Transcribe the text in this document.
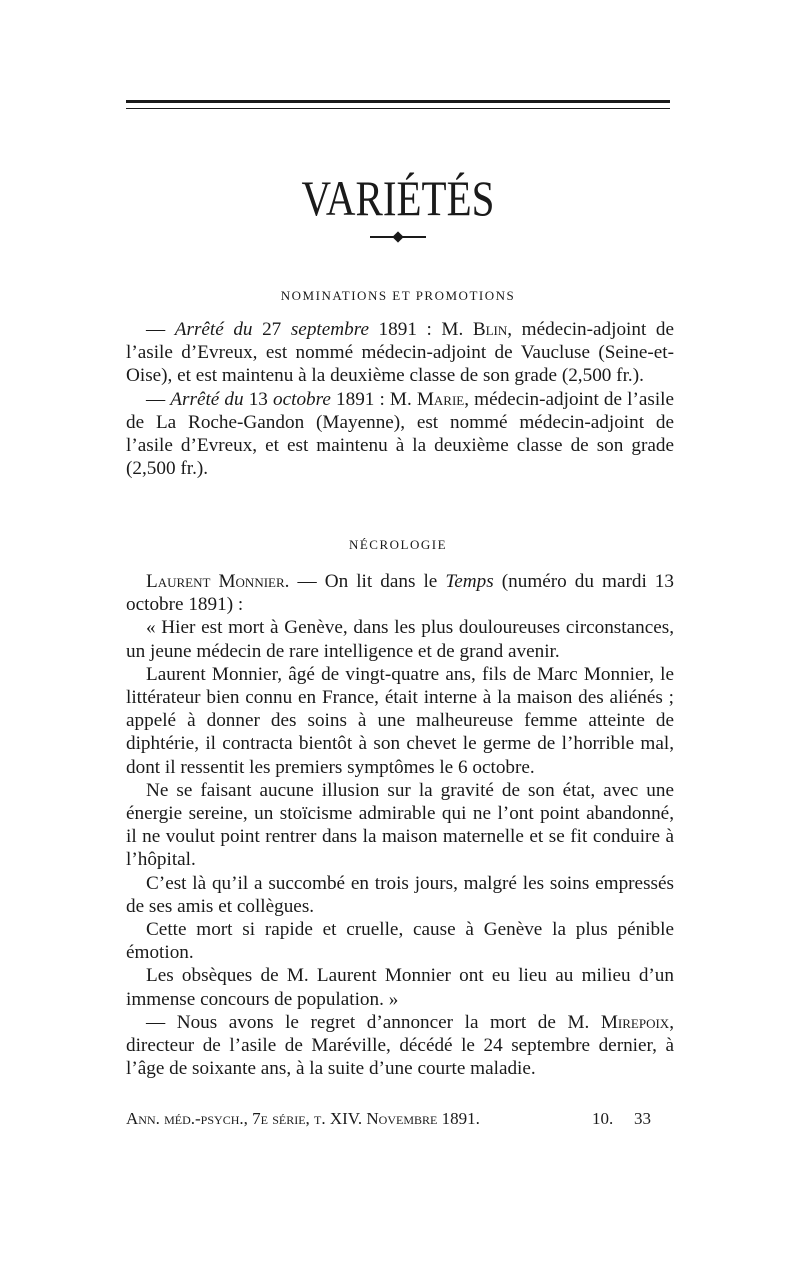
VARIÉTÉS
NOMINATIONS ET PROMOTIONS

— Arrêté du 27 septembre 1891 : M. Blin, médecin-adjoint de l’asile d’Evreux, est nommé médecin-adjoint de Vaucluse (Seine-et-Oise), et est maintenu à la deuxième classe de son grade (2,500 fr.).

— Arrêté du 13 octobre 1891 : M. Marie, médecin-adjoint de l’asile de La Roche-Gandon (Mayenne), est nommé médecin-adjoint de l’asile d’Evreux, et est maintenu à la deuxième classe de son grade (2,500 fr.).

NÉCROLOGIE

Laurent Monnier. — On lit dans le Temps (numéro du mardi 13 octobre 1891) :

« Hier est mort à Genève, dans les plus douloureuses circonstances, un jeune médecin de rare intelligence et de grand avenir.

Laurent Monnier, âgé de vingt-quatre ans, fils de Marc Monnier, le littérateur bien connu en France, était interne à la maison des aliénés ; appelé à donner des soins à une malheureuse femme atteinte de diphtérie, il contracta bientôt à son chevet le germe de l’horrible mal, dont il ressentit les premiers symptômes le 6 octobre.

Ne se faisant aucune illusion sur la gravité de son état, avec une énergie sereine, un stoïcisme admirable qui ne l’ont point abandonné, il ne voulut point rentrer dans la maison maternelle et se fit conduire à l’hôpital.

C’est là qu’il a succombé en trois jours, malgré les soins empressés de ses amis et collègues.

Cette mort si rapide et cruelle, cause à Genève la plus pénible émotion.

Les obsèques de M. Laurent Monnier ont eu lieu au milieu d’un immense concours de population. »

— Nous avons le regret d’annoncer la mort de M. Mirepoix, directeur de l’asile de Maréville, décédé le 24 septembre dernier, à l’âge de soixante ans, à la suite d’une courte maladie.

Ann. méd.-psych., 7e série, t. XIV. Novembre 1891.	10. 33
